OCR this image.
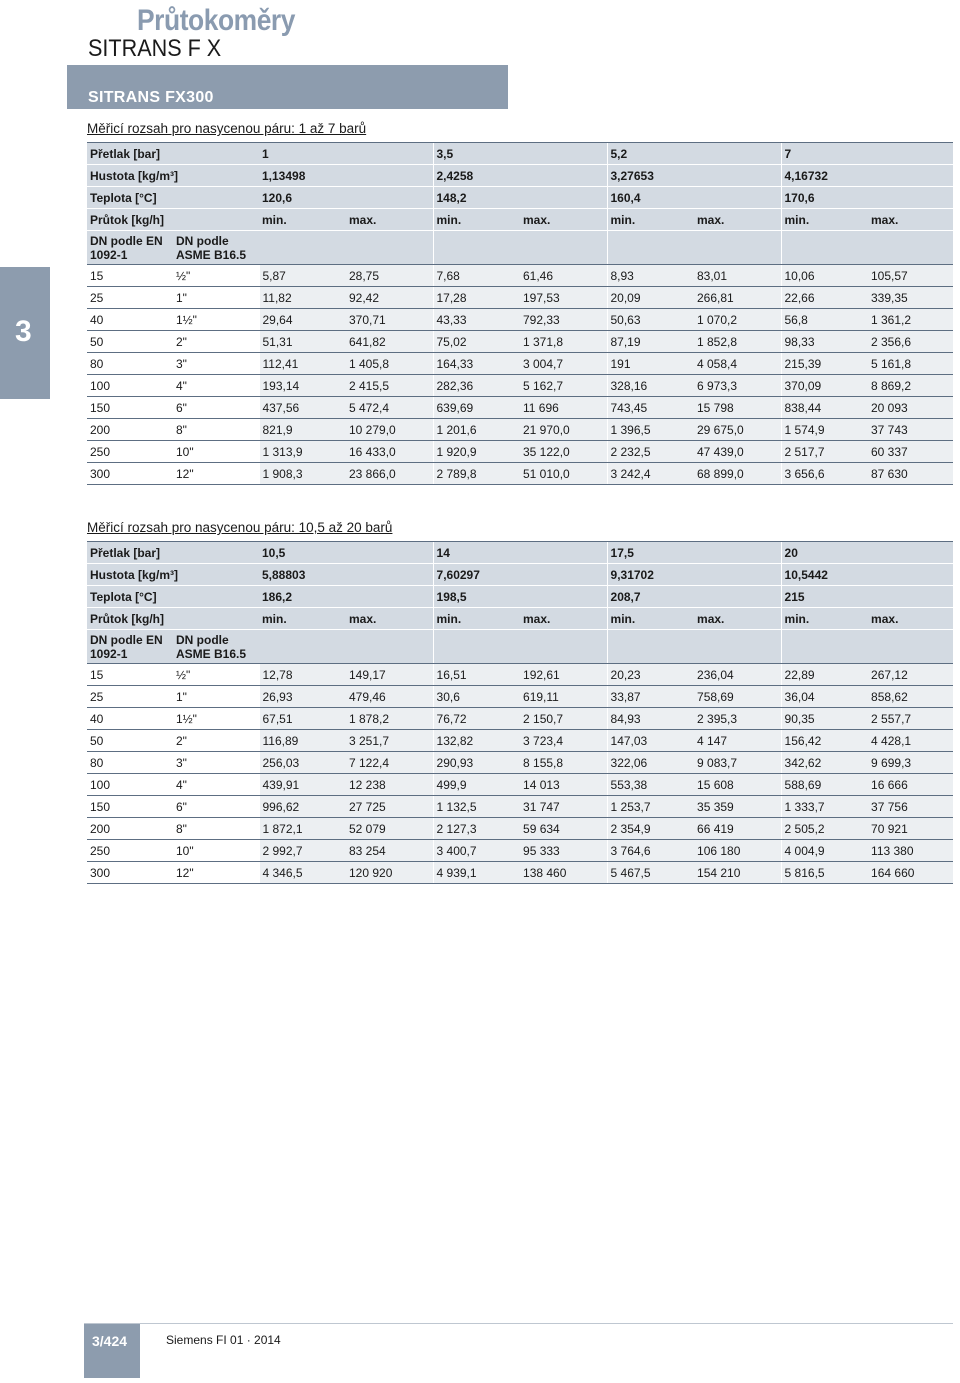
Průtokoměry
SITRANS F X
SITRANS FX300
3
Měřicí rozsah pro nasycenou páru: 1 až 7 barů
Přetlak [bar]		1		3,5		5,2		7	
Hustota [kg/m³]		1,13498		2,4258		3,27653		4,16732	
Teplota [°C]		120,6		148,2		160,4		170,6	
Průtok [kg/h]		min.	max.	min.	max.	min.	max.	min.	max.
DN podle EN 1092-1	DN podle ASME B16.5								
15	½"	5,87	28,75	7,68	61,46	8,93	83,01	10,06	105,57
25	1"	11,82	92,42	17,28	197,53	20,09	266,81	22,66	339,35
40	1½"	29,64	370,71	43,33	792,33	50,63	1 070,2	56,8	1 361,2
50	2"	51,31	641,82	75,02	1 371,8	87,19	1 852,8	98,33	2 356,6
80	3"	112,41	1 405,8	164,33	3 004,7	191	4 058,4	215,39	5 161,8
100	4"	193,14	2 415,5	282,36	5 162,7	328,16	6 973,3	370,09	8 869,2
150	6"	437,56	5 472,4	639,69	11 696	743,45	15 798	838,44	20 093
200	8"	821,9	10 279,0	1 201,6	21 970,0	1 396,5	29 675,0	1 574,9	37 743
250	10"	1 313,9	16 433,0	1 920,9	35 122,0	2 232,5	47 439,0	2 517,7	60 337
300	12"	1 908,3	23 866,0	2 789,8	51 010,0	3 242,4	68 899,0	3 656,6	87 630
Měřicí rozsah pro nasycenou páru: 10,5 až 20 barů
Přetlak [bar]		10,5		14		17,5		20	
Hustota [kg/m³]		5,88803		7,60297		9,31702		10,5442	
Teplota [°C]		186,2		198,5		208,7		215	
Průtok [kg/h]		min.	max.	min.	max.	min.	max.	min.	max.
DN podle EN 1092-1	DN podle ASME B16.5								
15	½"	12,78	149,17	16,51	192,61	20,23	236,04	22,89	267,12
25	1"	26,93	479,46	30,6	619,11	33,87	758,69	36,04	858,62
40	1½"	67,51	1 878,2	76,72	2 150,7	84,93	2 395,3	90,35	2 557,7
50	2"	116,89	3 251,7	132,82	3 723,4	147,03	4 147	156,42	4 428,1
80	3"	256,03	7 122,4	290,93	8 155,8	322,06	9 083,7	342,62	9 699,3
100	4"	439,91	12 238	499,9	14 013	553,38	15 608	588,69	16 666
150	6"	996,62	27 725	1 132,5	31 747	1 253,7	35 359	1 333,7	37 756
200	8"	1 872,1	52 079	2 127,3	59 634	2 354,9	66 419	2 505,2	70 921
250	10"	2 992,7	83 254	3 400,7	95 333	3 764,6	106 180	4 004,9	113 380
300	12"	4 346,5	120 920	4 939,1	138 460	5 467,5	154 210	5 816,5	164 660
3/424	Siemens FI 01 · 2014
